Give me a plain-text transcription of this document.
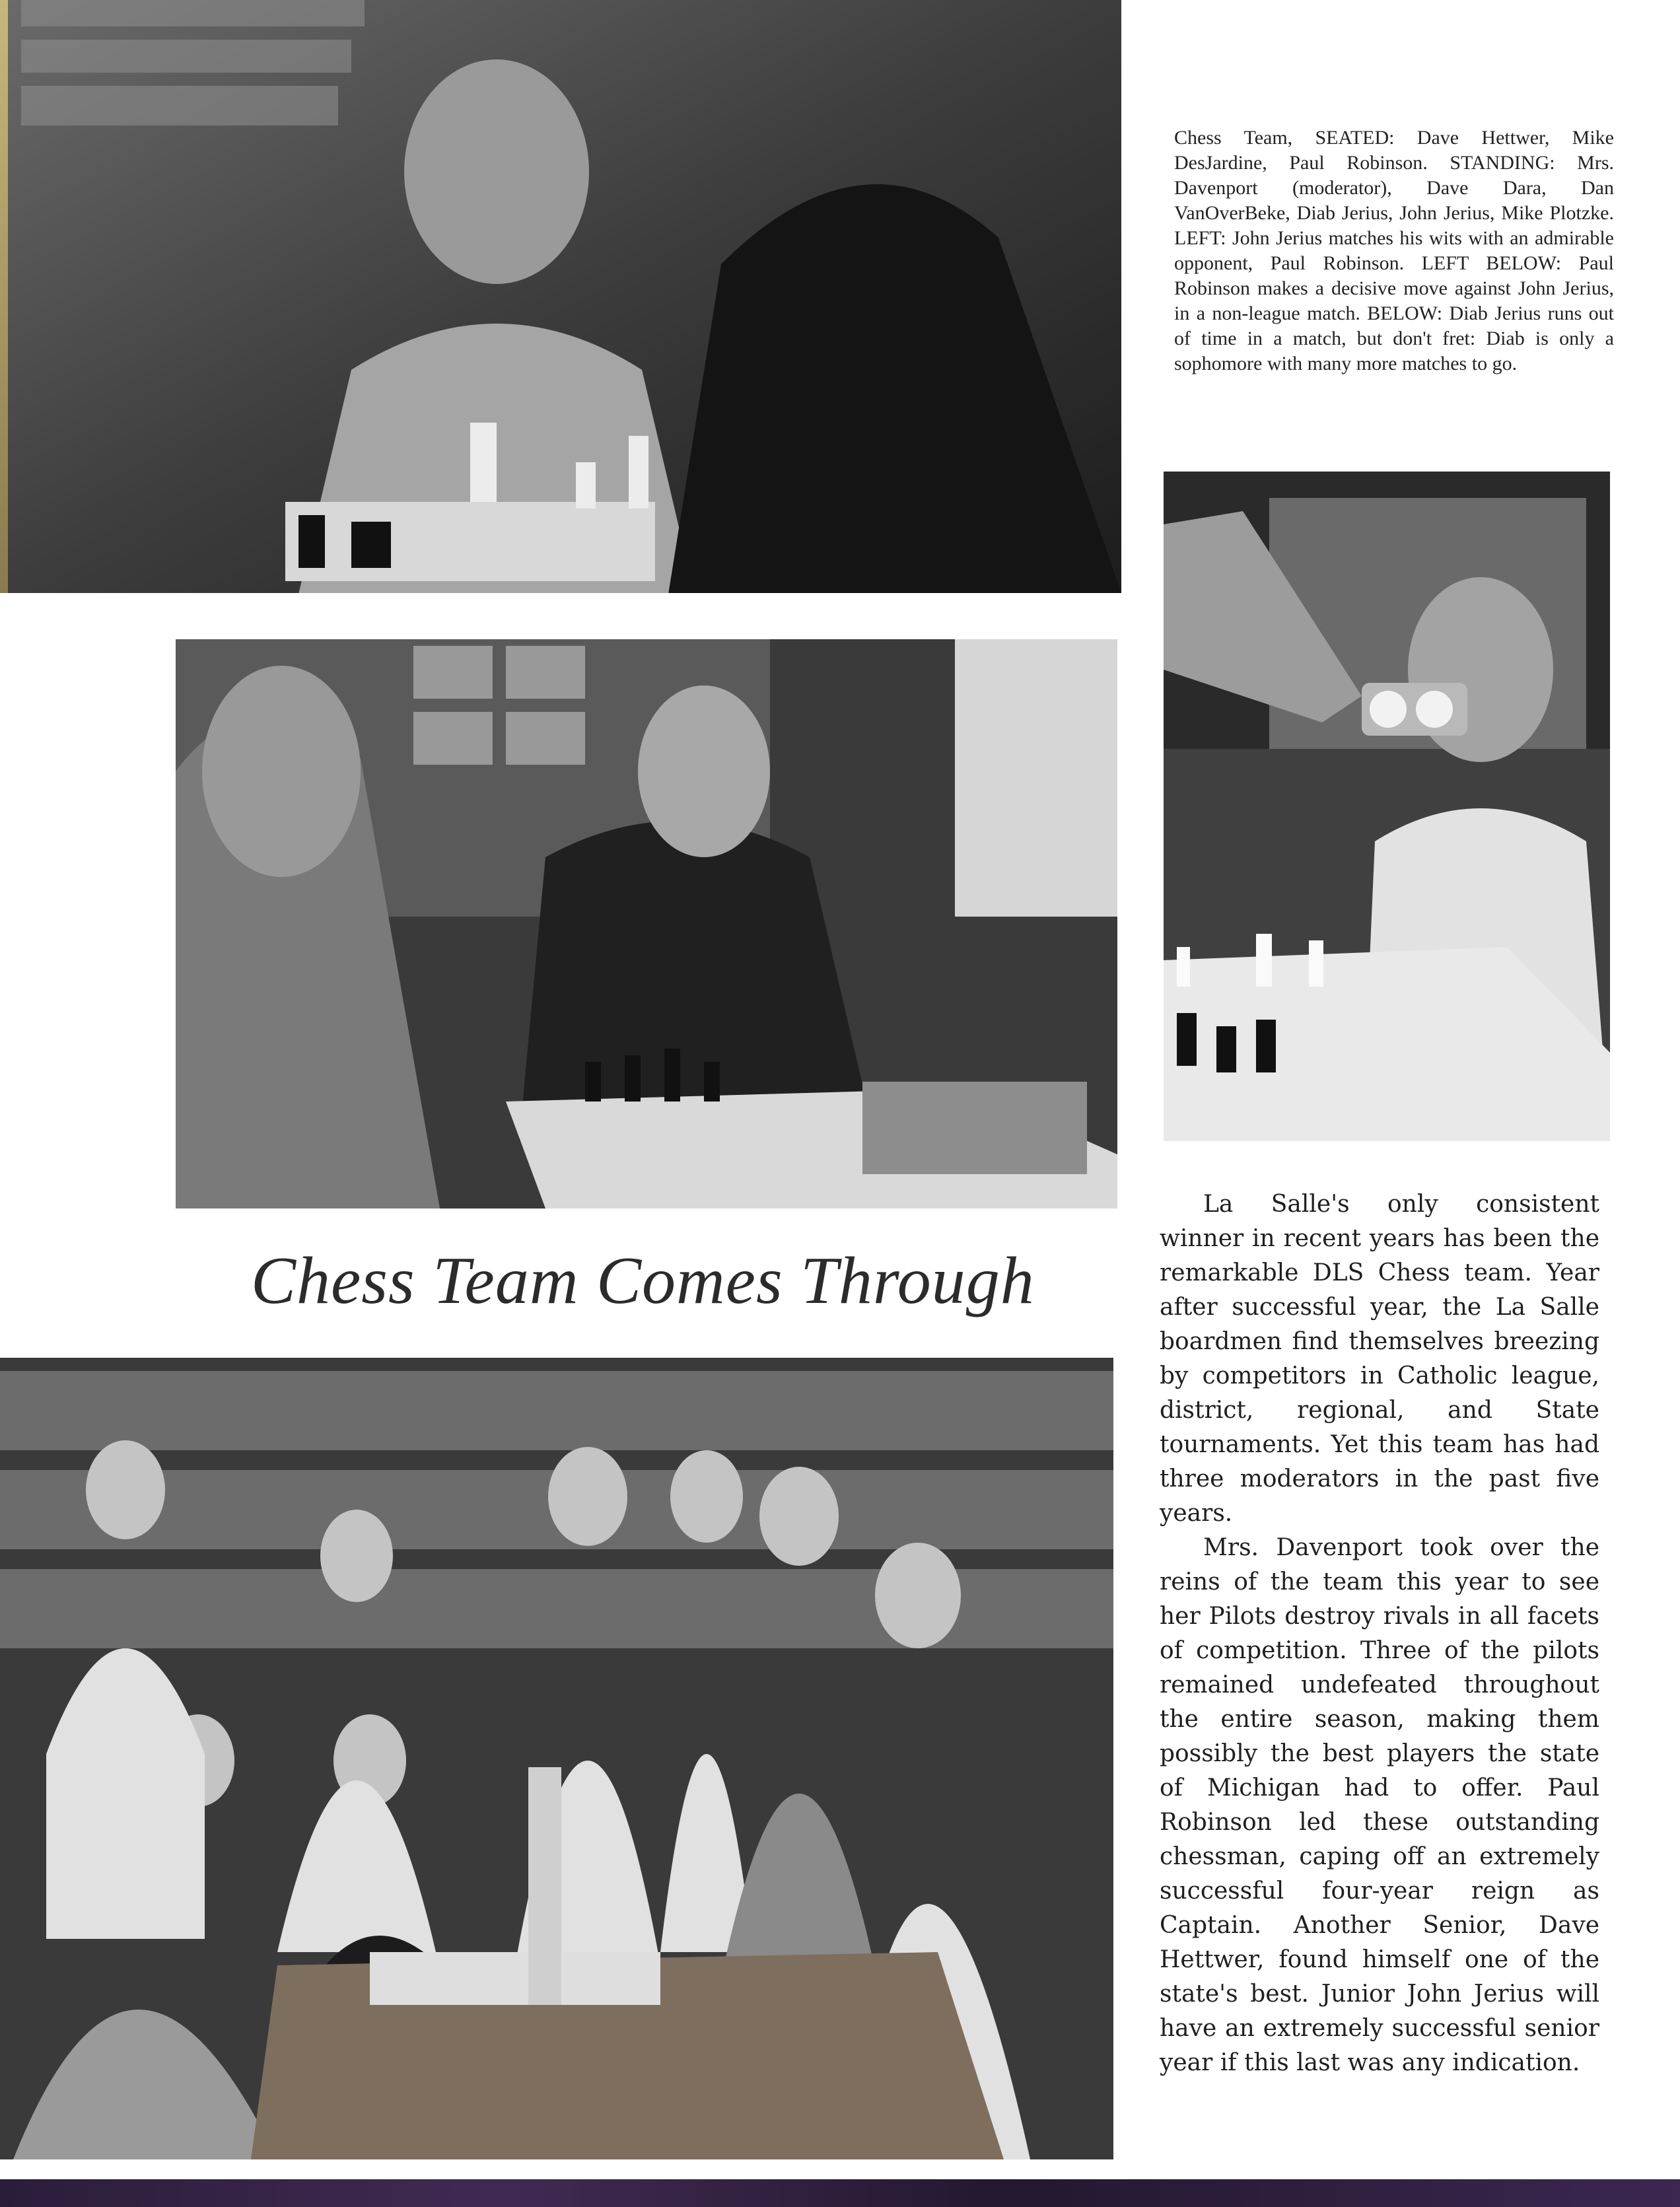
Chess Team, SEATED: Dave Hettwer, Mike DesJardine, Paul Robinson. STANDING: Mrs. Davenport (moderator), Dave Dara, Dan VanOverBeke, Diab Jerius, John Jerius, Mike Plotzke. LEFT: John Jerius matches his wits with an admirable opponent, Paul Robinson. LEFT BELOW: Paul Robinson makes a decisive move against John Jerius, in a non-league match. BELOW: Diab Jerius runs out of time in a match, but don't fret: Diab is only a sophomore with many more matches to go.
Chess Team Comes Through

La Salle's only consistent winner in recent years has been the remarkable DLS Chess team. Year after successful year, the La Salle boardmen find themselves breezing by competitors in Catholic league, district, regional, and State tournaments. Yet this team has had three moderators in the past five years.

Mrs. Davenport took over the reins of the team this year to see her Pilots destroy rivals in all facets of competition. Three of the pilots remained undefeated throughout the entire season, making them possibly the best players the state of Michigan had to offer. Paul Robinson led these outstanding chessman, caping off an extremely successful four-year reign as Captain. Another Senior, Dave Hettwer, found himself one of the state's best. Junior John Jerius will have an extremely successful senior year if this last was any indication.
